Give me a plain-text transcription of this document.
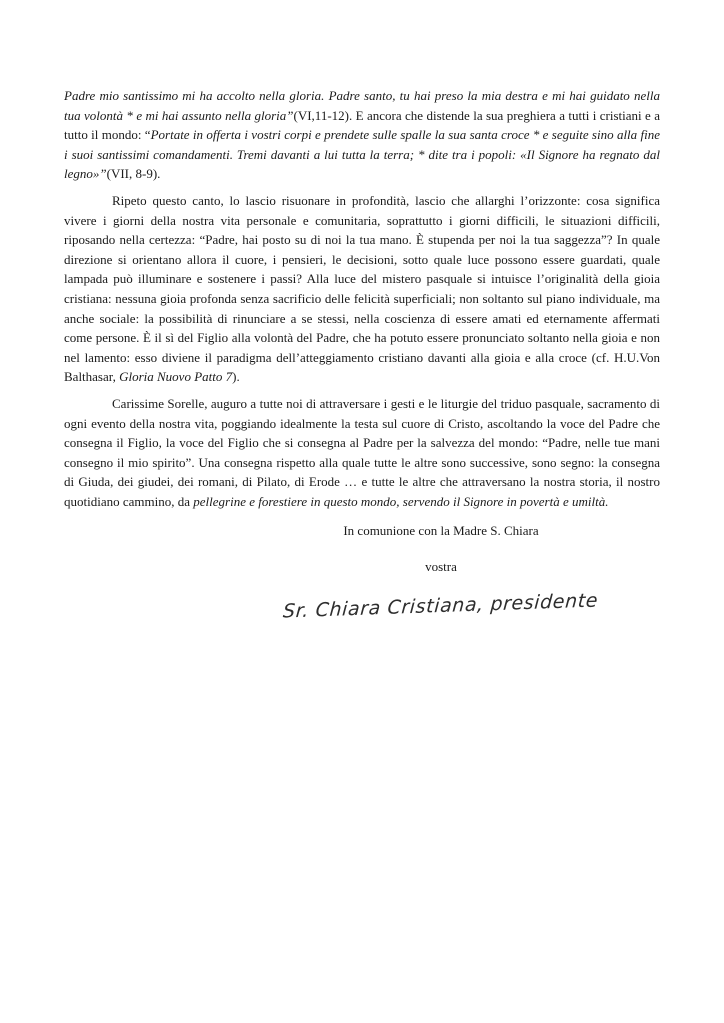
Padre mio santissimo mi ha accolto nella gloria. Padre santo, tu hai preso la mia destra e mi hai guidato nella tua volontà * e mi hai assunto nella gloria”(VI,11-12). E ancora che distende la sua preghiera a tutti i cristiani e a tutto il mondo: “Portate in offerta i vostri corpi e prendete sulle spalle la sua santa croce * e seguite sino alla fine i suoi santissimi comandamenti. Tremi davanti a lui tutta la terra; * dite tra i popoli: «Il Signore ha regnato dal legno»”(VII, 8-9).

Ripeto questo canto, lo lascio risuonare in profondità, lascio che allarghi l’orizzonte: cosa significa vivere i giorni della nostra vita personale e comunitaria, soprattutto i giorni difficili, le situazioni difficili, riposando nella certezza: “Padre, hai posto su di noi la tua mano. È stupenda per noi la tua saggezza”? In quale direzione si orientano allora il cuore, i pensieri, le decisioni, sotto quale luce possono essere guardati, quale lampada può illuminare e sostenere i passi? Alla luce del mistero pasquale si intuisce l’originalità della gioia cristiana: nessuna gioia profonda senza sacrificio delle felicità superficiali; non soltanto sul piano individuale, ma anche sociale: la possibilità di rinunciare a se stessi, nella coscienza di essere amati ed eternamente affermati come persone. È il sì del Figlio alla volontà del Padre, che ha potuto essere pronunciato soltanto nella gioia e non nel lamento: esso diviene il paradigma dell’atteggiamento cristiano davanti alla gioia e alla croce (cf. H.U.Von Balthasar, Gloria Nuovo Patto 7).

Carissime Sorelle, auguro a tutte noi di attraversare i gesti e le liturgie del triduo pasquale, sacramento di ogni evento della nostra vita, poggiando idealmente la testa sul cuore di Cristo, ascoltando la voce del Padre che consegna il Figlio, la voce del Figlio che si consegna al Padre per la salvezza del mondo: “Padre, nelle tue mani consegno il mio spirito”. Una consegna rispetto alla quale tutte le altre sono successive, sono segno: la consegna di Giuda, dei giudei, dei romani, di Pilato, di Erode … e tutte le altre che attraversano la nostra storia, il nostro quotidiano cammino, da pellegrine e forestiere in questo mondo, servendo il Signore in povertà e umiltà.

In comunione con la Madre S. Chiara

vostra

Sr. Chiara Cristiana, presidente
